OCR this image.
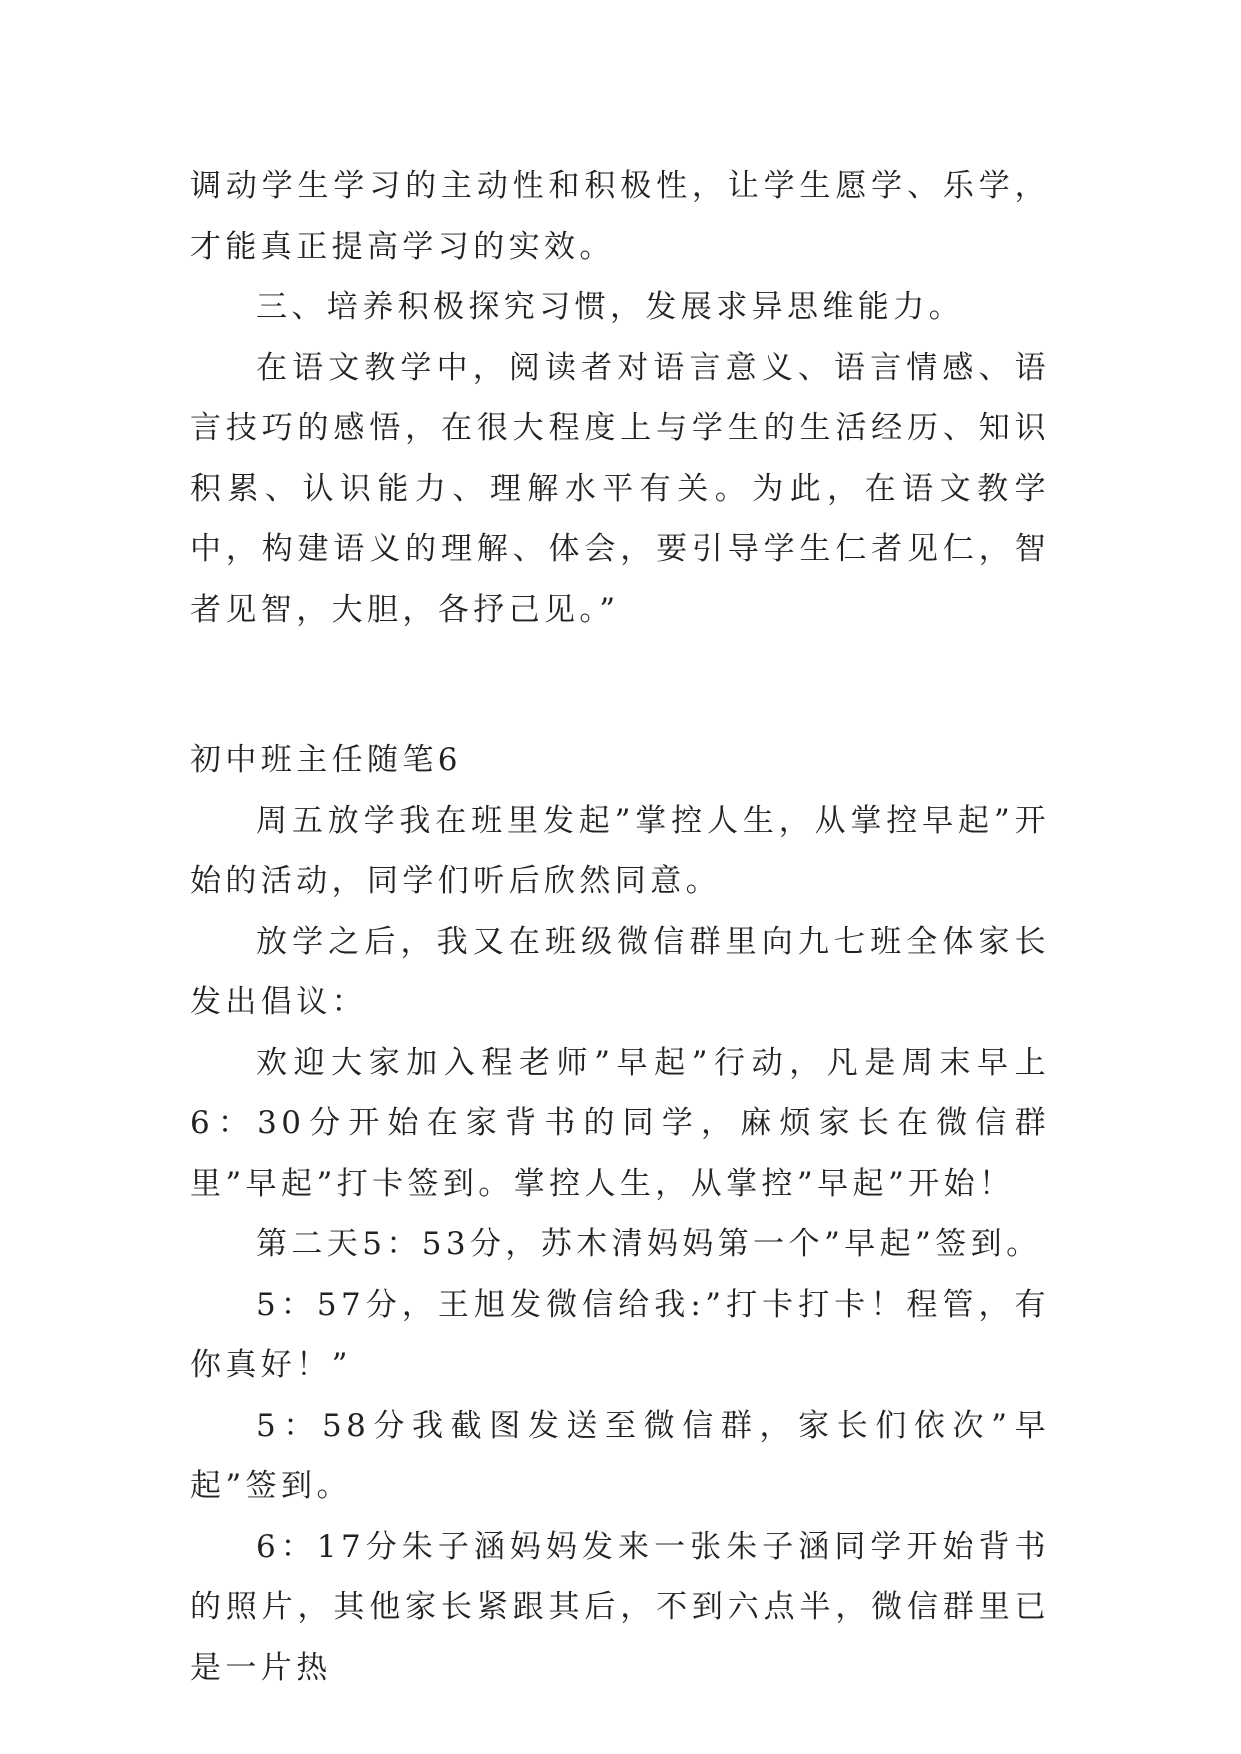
调动学生学习的主动性和积极性，让学生愿学、乐学，才能真正提高学习的实效。

三、培养积极探究习惯，发展求异思维能力。

在语文教学中，阅读者对语言意义、语言情感、语言技巧的感悟，在很大程度上与学生的生活经历、知识积累、认识能力、理解水平有关。为此，在语文教学中，构建语义的理解、体会，要引导学生仁者见仁，智者见智，大胆，各抒己见。”

初中班主任随笔6

周五放学我在班里发起”掌控人生，从掌控早起”开始的活动，同学们听后欣然同意。

放学之后，我又在班级微信群里向九七班全体家长发出倡议：

欢迎大家加入程老师”早起”行动，凡是周末早上6：30分开始在家背书的同学，麻烦家长在微信群里”早起”打卡签到。掌控人生，从掌控”早起”开始！

第二天5：53分，苏木清妈妈第一个”早起”签到。

5：57分，王旭发微信给我:”打卡打卡！程管，有你真好！”

5：58分我截图发送至微信群，家长们依次”早起”签到。

6：17分朱子涵妈妈发来一张朱子涵同学开始背书的照片，其他家长紧跟其后，不到六点半，微信群里已是一片热
